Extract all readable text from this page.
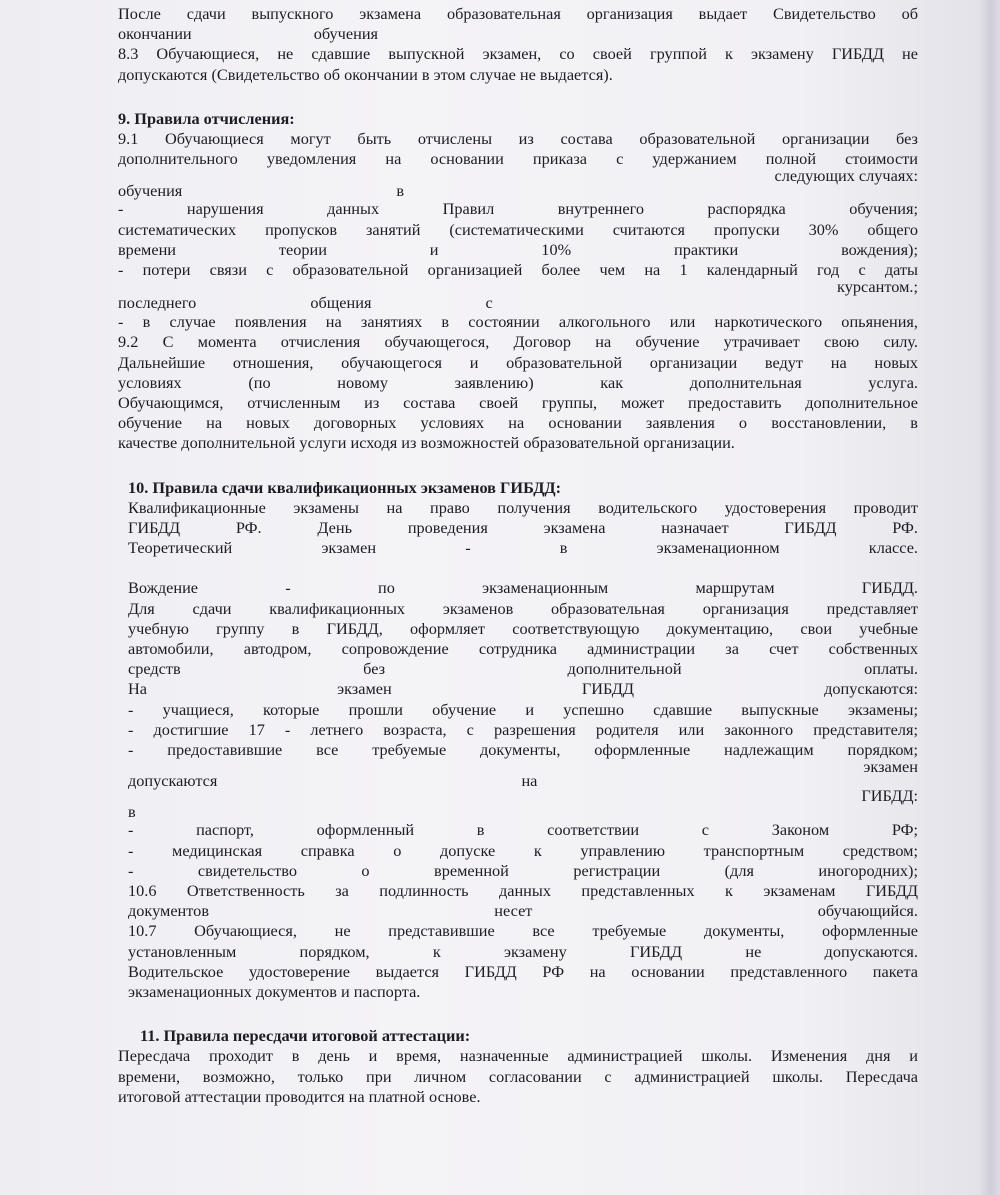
После сдачи выпускного экзамена образовательная организация выдает Свидетельство об
окончании                              обучения
8.3 Обучающиеся, не сдавшие выпускной экзамен, со своей группой к экзамену ГИБДД не
допускаются (Свидетельство об окончании в этом случае не выдается).

9. Правила отчисления:
9.1 Обучающиеся могут быть отчислены из состава образовательной организации без
дополнительного уведомления на основании приказа с удержанием полной стоимости
следующих случаях:
обучения в
- нарушения данных Правил внутреннего распорядка обучения;
систематических пропусков занятий (систематическими считаются пропуски 30% общего
времени теории и 10% практики вождения);
- потери связи с образовательной организацией более чем на 1 календарный год с даты
курсантом.;
последнего общения с
- в случае появления на занятиях в состоянии алкогольного или наркотического опьянения,
9.2 С момента отчисления обучающегося, Договор на обучение утрачивает свою силу.
Дальнейшие отношения, обучающегося и образовательной организации ведут на новых
условиях (по новому заявлению) как дополнительная услуга.
Обучающимся, отчисленным из состава своей группы, может предоставить дополнительное
обучение на новых договорных условиях на основании заявления о восстановлении, в
качестве дополнительной услуги исходя из возможностей образовательной организации.

10. Правила сдачи квалификационных экзаменов ГИБДД:
Квалификационные экзамены на право получения водительского удостоверения проводит
ГИБДД РФ. День проведения экзамена назначает ГИБДД РФ.
Теоретический экзамен - в экзаменационном классе.
Вождение - по экзаменационным маршрутам ГИБДД.
Для сдачи квалификационных экзаменов образовательная организация представляет
учебную группу в ГИБДД, оформляет соответствующую документацию, свои учебные
автомобили, автодром, сопровождение сотрудника администрации за счет собственных
средств без дополнительной оплаты.
На экзамен ГИБДД допускаются:
- учащиеся, которые прошли обучение и успешно сдавшие выпускные экзамены;
- достигшие 17 - летнего возраста, с разрешения родителя или законного представителя;
- предоставившие все требуемые документы, оформленные надлежащим порядком;
экзамен
допускаются на
ГИБДД:
в
- паспорт, оформленный в соответствии с Законом РФ;
- медицинская справка о допуске к управлению транспортным средством;
- свидетельство о временной регистрации (для иногородних);
10.6 Ответственность за подлинность данных представленных к экзаменам ГИБДД
документов несет обучающийся.
10.7 Обучающиеся, не представившие все требуемые документы, оформленные
установленным порядком, к экзамену ГИБДД не допускаются.
Водительское удостоверение выдается ГИБДД РФ на основании представленного пакета
экзаменационных документов и паспорта.

11. Правила пересдачи итоговой аттестации:
Пересдача проходит в день и время, назначенные администрацией школы. Изменения дня и
времени, возможно, только при личном согласовании с администрацией школы. Пересдача
итоговой аттестации проводится на платной основе.
